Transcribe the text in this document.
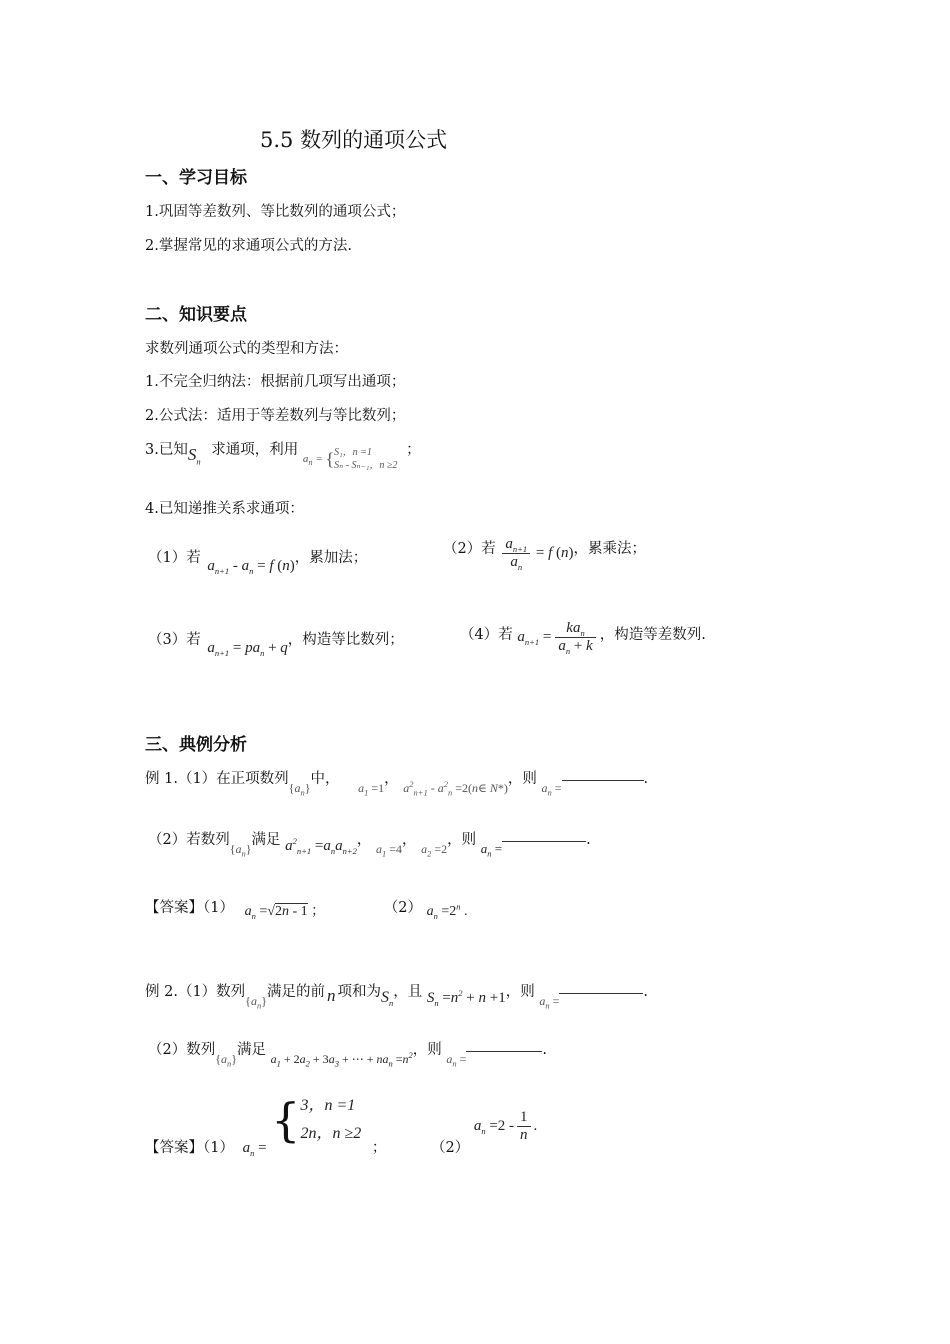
5.5 数列的通项公式
一、学习目标
1.巩固等差数列、等比数列的通项公式；
2.掌握常见的求通项公式的方法.
二、知识要点
求数列通项公式的类型和方法：
1.不完全归纳法：根据前几项写出通项；
2.公式法：适用于等差数列与等比数列；
3.已知$S_n$ 求通项，利用 $_{a_n = \{ S_1,n =1 S_n - S_{n-1},n \ge 2}$
；
4.已知递推关系求通项：
（1）若 $a_{n+1} - a_n = f$ (n)，累加法；
（2）若 $\frac{a_{n+1}}{a_n} = f$ (n)，累乘法；
（3）若 $a_{n+1} = pa_n + q$，构造等比数列；	（4）若 $a_{n+1} = \frac{ka_n}{a_n + k}$ ，构造等差数列.
三、典例分析
例 1.（1）在正项数列$_{\{a_n\}}$中， $_{a_1 =1}$， $_{a^2_{n+1} - a^2_n =2(n\in N*)}$，则 $_{a_n =}$.
（2）若数列$_{\{a_n\}}$满足 $a^2_{n+1} =a_na_{n+2}$， $_{a_1 =4}$， $_{a_2 =2}$，则 $a_n$ =.
【答案】（1） $a_n =√2n - 1$ ；	（2） $a_n =2^n$ .
例 2.（1）数列$_{\{a_n\}}$满足的前 n 项和为$S_n$，且 $S_n =n^2 + n +1$，则 $_{a_n =}$.
（2）数列$_{\{a_n\}}$满足 $_{a_1 + 2a_2 + 3a_3 + \cdots + na_n =n^2}$，则 $_{a_n =}$.
【答案】（1） $a_n$ = { 3，n =1
2n，n ≥2
；	（2） $a_n =2 - \frac{1}{n}$ .
